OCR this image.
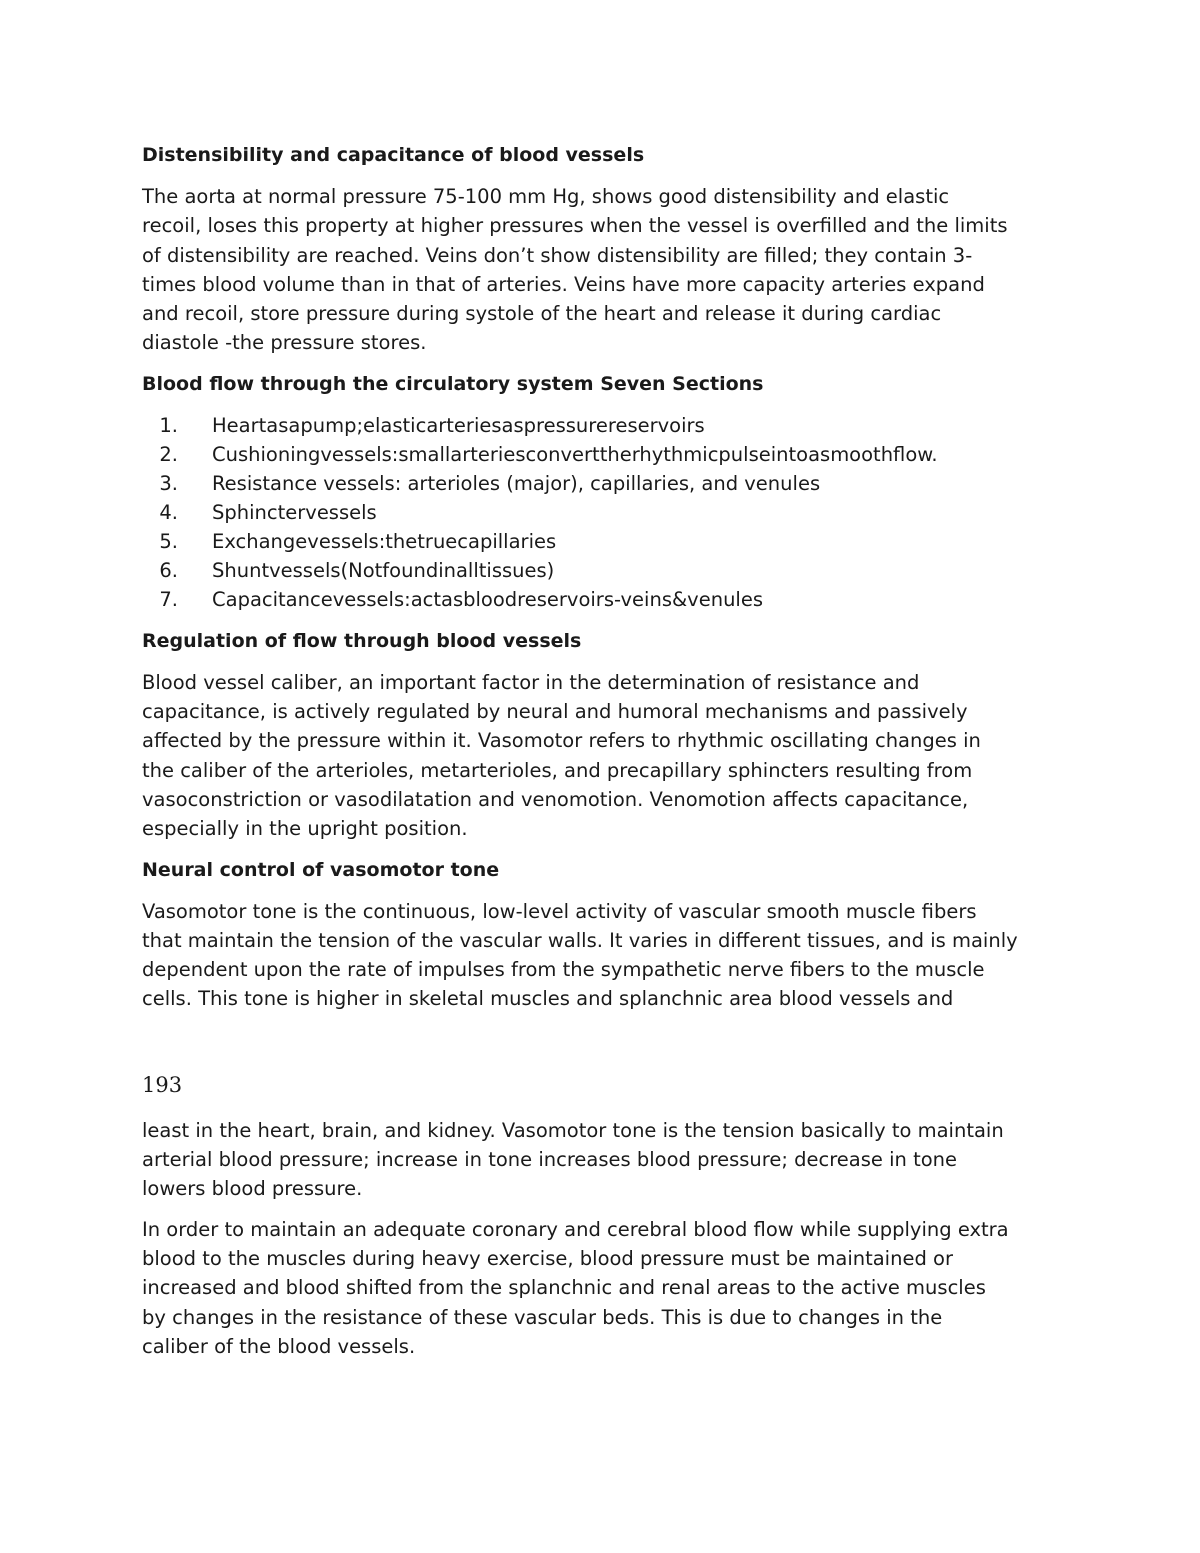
Distensibility and capacitance of blood vessels
The aorta at normal pressure 75-100 mm Hg, shows good distensibility and elastic
recoil, loses this property at higher pressures when the vessel is overfilled and the limits
of distensibility are reached. Veins don’t show distensibility are filled; they contain 3-
times blood volume than in that of arteries. Veins have more capacity arteries expand
and recoil, store pressure during systole of the heart and release it during cardiac
diastole -the pressure stores.
Blood flow through the circulatory system Seven Sections
1.	Heartasapump;elasticarteriesaspressurereservoirs
2.	Cushioningvessels:smallarteriesconverttherhythmicpulseintoasmoothflow.
3.	Resistance vessels: arterioles (major), capillaries, and venules
4.	Sphinctervessels
5.	Exchangevessels:thetruecapillaries
6.	Shuntvessels(Notfoundinalltissues)
7.	Capacitancevessels:actasbloodreservoirs-veins&venules
Regulation of flow through blood vessels
Blood vessel caliber, an important factor in the determination of resistance and
capacitance, is actively regulated by neural and humoral mechanisms and passively
affected by the pressure within it. Vasomotor refers to rhythmic oscillating changes in
the caliber of the arterioles, metarterioles, and precapillary sphincters resulting from
vasoconstriction or vasodilatation and venomotion. Venomotion affects capacitance,
especially in the upright position.
Neural control of vasomotor tone
Vasomotor tone is the continuous, low-level activity of vascular smooth muscle fibers
that maintain the tension of the vascular walls. It varies in different tissues, and is mainly
dependent upon the rate of impulses from the sympathetic nerve fibers to the muscle
cells. This tone is higher in skeletal muscles and splanchnic area blood vessels and
193
least in the heart, brain, and kidney. Vasomotor tone is the tension basically to maintain
arterial blood pressure; increase in tone increases blood pressure; decrease in tone
lowers blood pressure.
In order to maintain an adequate coronary and cerebral blood flow while supplying extra
blood to the muscles during heavy exercise, blood pressure must be maintained or
increased and blood shifted from the splanchnic and renal areas to the active muscles
by changes in the resistance of these vascular beds. This is due to changes in the
caliber of the blood vessels.
